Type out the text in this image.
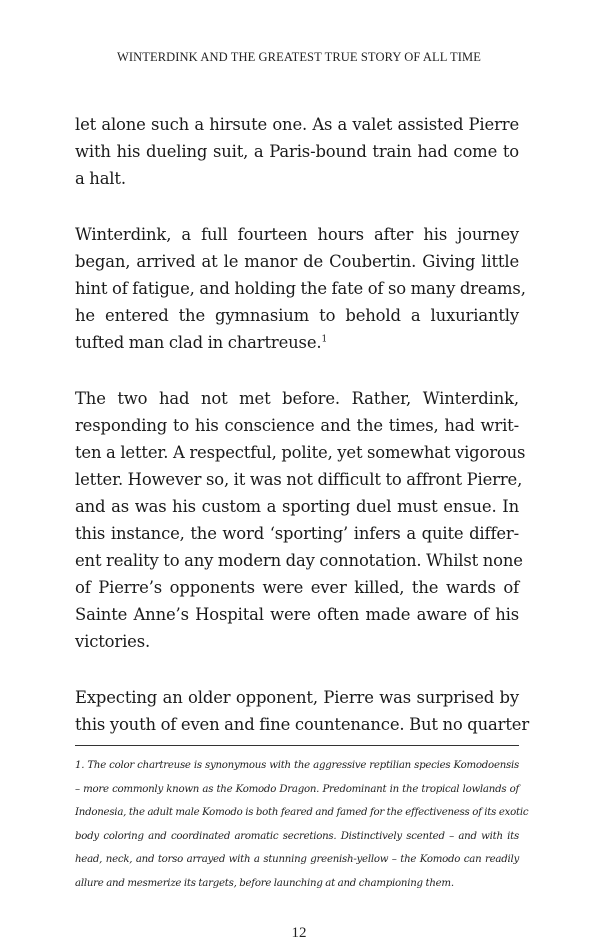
WINTERDINK AND THE GREATEST TRUE STORY OF ALL TIME

let alone such a hirsute one. As a valet assisted Pierre
with his dueling suit, a Paris-bound train had come to
a halt.

Winterdink, a full fourteen hours after his journey
began, arrived at le manor de Coubertin. Giving little
hint of fatigue, and holding the fate of so many dreams,
he entered the gymnasium to behold a luxuriantly
tufted man clad in chartreuse.$^1$

The two had not met before. Rather, Winterdink,
responding to his conscience and the times, had writ-
ten a letter. A respectful, polite, yet somewhat vigorous
letter. However so, it was not difficult to affront Pierre,
and as was his custom a sporting duel must ensue. In
this instance, the word ‘sporting’ infers a quite differ-
ent reality to any modern day connotation. Whilst none
of Pierre’s opponents were ever killed, the wards of
Sainte Anne’s Hospital were often made aware of his
victories.

Expecting an older opponent, Pierre was surprised by
this youth of even and fine countenance. But no quarter

1. The color chartreuse is synonymous with the aggressive reptilian species Komodoensis
– more commonly known as the Komodo Dragon. Predominant in the tropical lowlands of
Indonesia, the adult male Komodo is both feared and famed for the effectiveness of its exotic
body coloring and coordinated aromatic secretions. Distinctively scented – and with its
head, neck, and torso arrayed with a stunning greenish-yellow – the Komodo can readily
allure and mesmerize its targets, before launching at and championing them.
12
